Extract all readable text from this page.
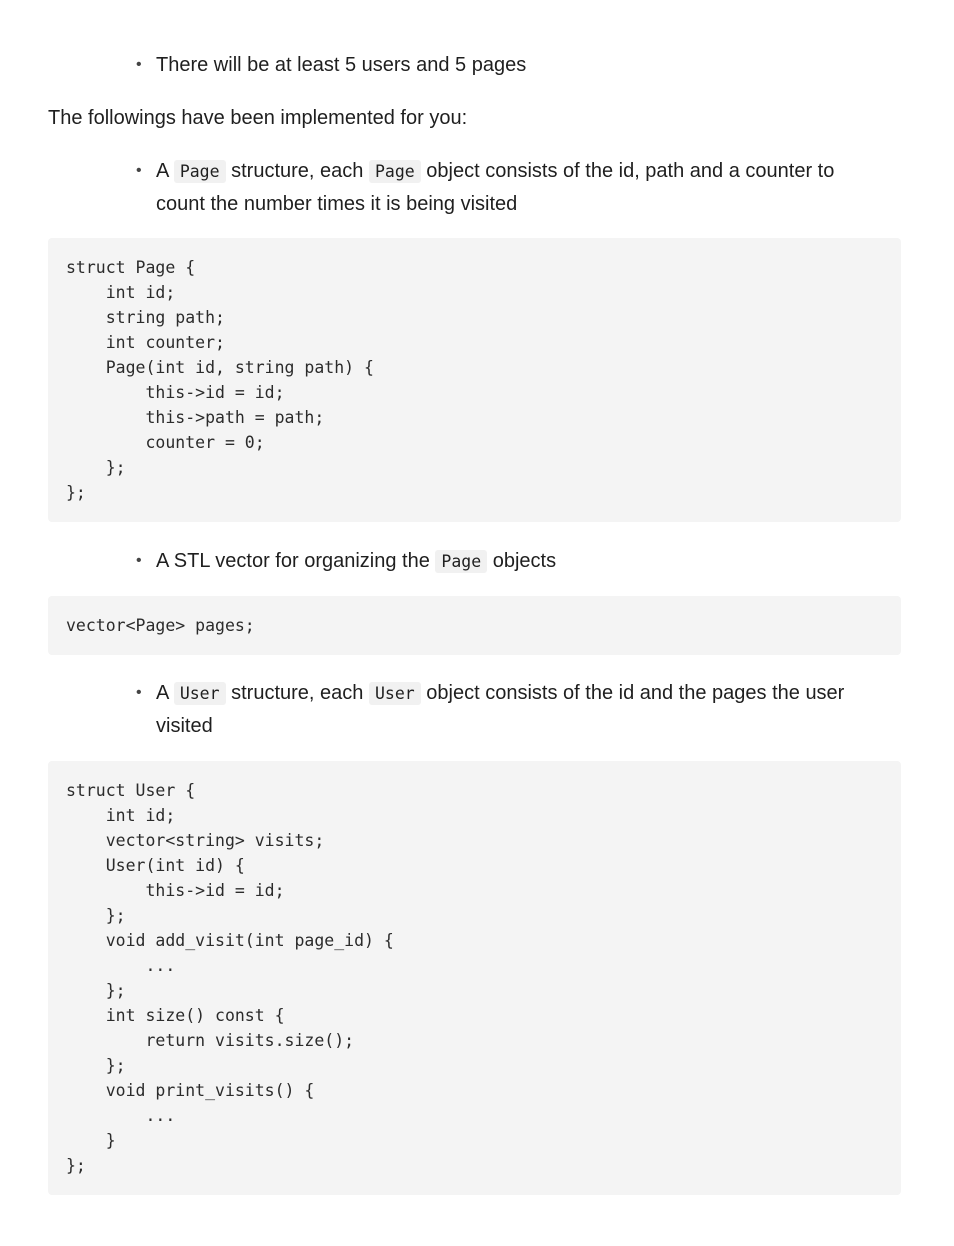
• There will be at least 5 users and 5 pages
The followings have been implemented for you:
• A Page structure, each Page object consists of the id, path and a counter to count the number times it is being visited
struct Page {
int id;
string path;
int counter;
Page(int id, string path) {
this->id = id;
this->path = path;
counter = 0;
};
};
• A STL vector for organizing the Page objects
vector<Page> pages;
• A User structure, each User object consists of the id and the pages the user visited
struct User {
int id;
vector<string> visits;
User(int id) {
this->id = id;
};
void add_visit(int page_id) {
...
};
int size() const {
return visits.size();
};
void print_visits() {
...
}
};
